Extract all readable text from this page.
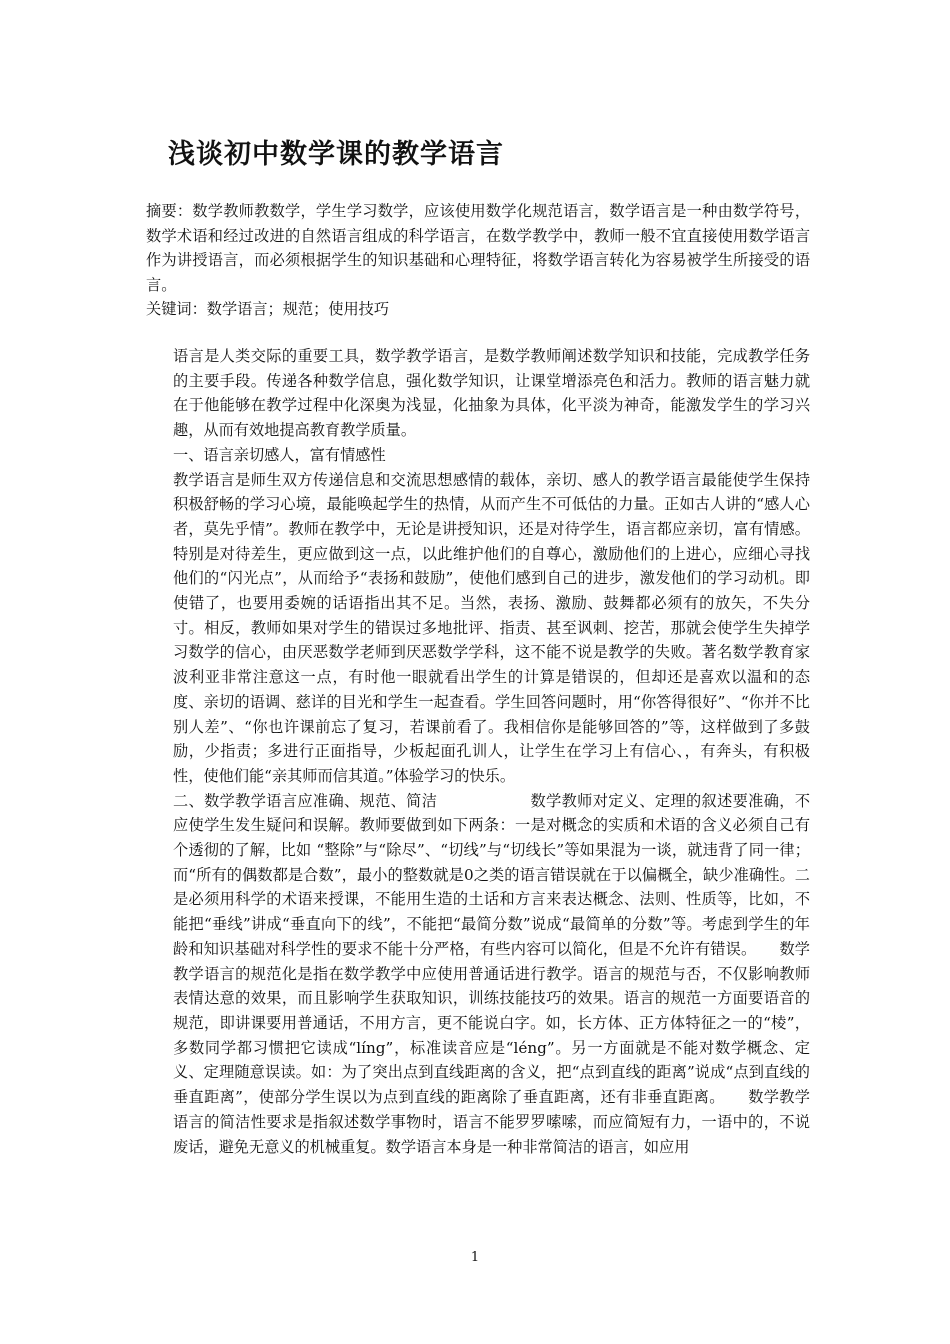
浅谈初中数学课的教学语言

摘要：数学教师教数学，学生学习数学，应该使用数学化规范语言，数学语言是一种由数学符号，数学术语和经过改进的自然语言组成的科学语言，在数学教学中，教师一般不宜直接使用数学语言作为讲授语言，而必须根据学生的知识基础和心理特征，将数学语言转化为容易被学生所接受的语言。

关键词：数学语言；规范；使用技巧

语言是人类交际的重要工具，数学教学语言，是数学教师阐述数学知识和技能，完成教学任务的主要手段。传递各种数学信息，强化数学知识，让课堂增添亮色和活力。教师的语言魅力就在于他能够在教学过程中化深奥为浅显，化抽象为具体，化平淡为神奇，能激发学生的学习兴趣，从而有效地提高教育教学质量。

一、语言亲切感人，富有情感性

教学语言是师生双方传递信息和交流思想感情的载体，亲切、感人的教学语言最能使学生保持积极舒畅的学习心境，最能唤起学生的热情，从而产生不可低估的力量。正如古人讲的“感人心者，莫先乎情”。教师在教学中，无论是讲授知识，还是对待学生，语言都应亲切，富有情感。特别是对待差生，更应做到这一点，以此维护他们的自尊心，激励他们的上进心，应细心寻找他们的“闪光点”，从而给予“表扬和鼓励”，使他们感到自己的进步，激发他们的学习动机。即使错了，也要用委婉的话语指出其不足。当然，表扬、激励、鼓舞都必须有的放矢，不失分寸。相反，教师如果对学生的错误过多地批评、指责、甚至讽刺、挖苦，那就会使学生失掉学习数学的信心，由厌恶数学老师到厌恶数学学科，这不能不说是教学的失败。著名数学教育家波利亚非常注意这一点，有时他一眼就看出学生的计算是错误的，但却还是喜欢以温和的态度、亲切的语调、慈详的目光和学生一起查看。学生回答问题时，用“你答得很好”、“你并不比别人差”、“你也许课前忘了复习，若课前看了。我相信你是能够回答的”等，这样做到了多鼓励，少指责；多进行正面指导，少板起面孔训人，让学生在学习上有信心、，有奔头，有积极性，使他们能“亲其师而信其道。”体验学习的快乐。

二、数学教学语言应准确、规范、简洁　　　　　　数学教师对定义、定理的叙述要准确，不应使学生发生疑问和误解。教师要做到如下两条：一是对概念的实质和术语的含义必须自己有个透彻的了解，比如 “整除”与“除尽”、“切线”与“切线长”等如果混为一谈，就违背了同一律；而“所有的偶数都是合数”，最小的整数就是0之类的语言错误就在于以偏概全，缺少准确性。二是必须用科学的术语来授课，不能用生造的土话和方言来表达概念、法则、性质等，比如，不能把“垂线”讲成“垂直向下的线”，不能把“最简分数”说成“最简单的分数”等。考虑到学生的年龄和知识基础对科学性的要求不能十分严格，有些内容可以简化，但是不允许有错误。　　数学教学语言的规范化是指在数学教学中应使用普通话进行教学。语言的规范与否，不仅影响教师表情达意的效果，而且影响学生获取知识，训练技能技巧的效果。语言的规范一方面要语音的规范，即讲课要用普通话，不用方言，更不能说白字。如，长方体、正方体特征之一的“棱”，多数同学都习惯把它读成“líng”，标准读音应是“léng”。另一方面就是不能对数学概念、定义、定理随意误读。如：为了突出点到直线距离的含义，把“点到直线的距离”说成“点到直线的垂直距离”，使部分学生误以为点到直线的距离除了垂直距离，还有非垂直距离。　　数学教学语言的简洁性要求是指叙述数学事物时，语言不能罗罗嗦嗦，而应简短有力，一语中的，不说废话，避免无意义的机械重复。数学语言本身是一种非常简洁的语言，如应用

1
